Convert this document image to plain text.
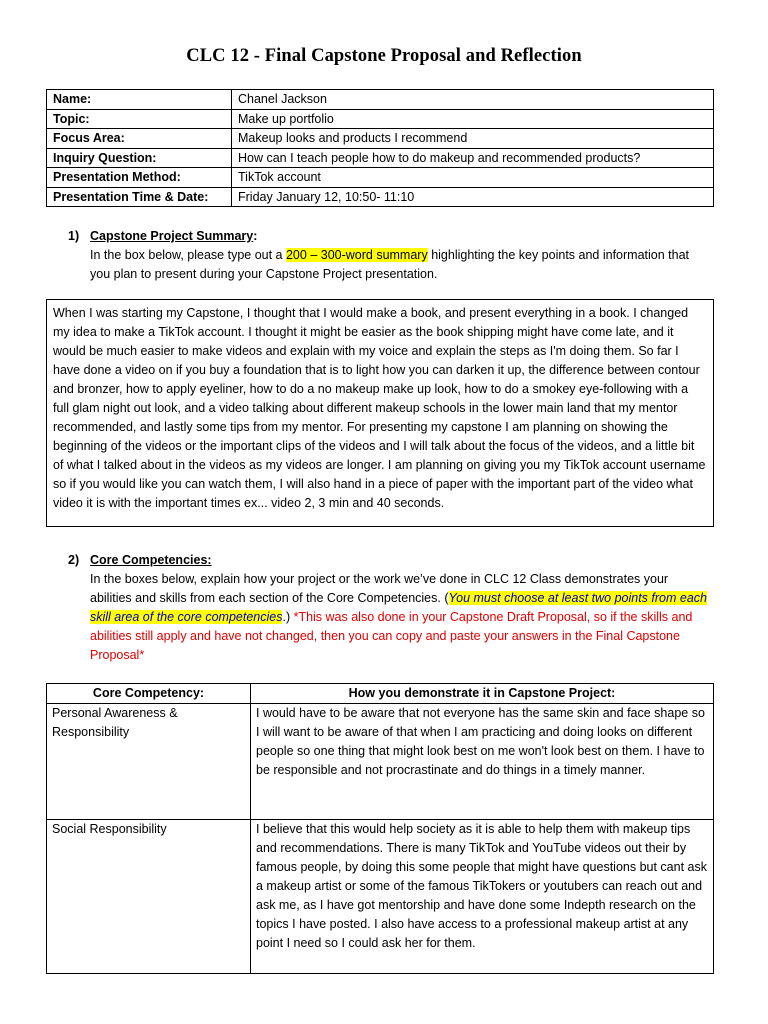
CLC 12 - Final Capstone Proposal and Reflection
Name:	Chanel Jackson
Topic:	Make up portfolio
Focus Area:	Makeup looks and products I recommend
Inquiry Question:	How can I teach people how to do makeup and recommended products?
Presentation Method:	TikTok account
Presentation Time & Date:	Friday January 12, 10:50- 11:10
1) Capstone Project Summary:
In the box below, please type out a 200 – 300-word summary highlighting the key points and information that you plan to present during your Capstone Project presentation.
When I was starting my Capstone, I thought that I would make a book, and present everything in a book. I changed my idea to make a TikTok account. I thought it might be easier as the book shipping might have come late, and it would be much easier to make videos and explain with my voice and explain the steps as I'm doing them. So far I have done a video on if you buy a foundation that is to light how you can darken it up, the difference between contour and bronzer, how to apply eyeliner, how to do a no makeup make up look, how to do a smokey eye-following with a full glam night out look, and a video talking about different makeup schools in the lower main land that my mentor recommended, and lastly some tips from my mentor. For presenting my capstone I am planning on showing the beginning of the videos or the important clips of the videos and I will talk about the focus of the videos, and a little bit of what I talked about in the videos as my videos are longer. I am planning on giving you my TikTok account username so if you would like you can watch them, I will also hand in a piece of paper with the important part of the video what video it is with the important times ex... video 2, 3 min and 40 seconds.
2) Core Competencies:
In the boxes below, explain how your project or the work we’ve done in CLC 12 Class demonstrates your abilities and skills from each section of the Core Competencies. (You must choose at least two points from each skill area of the core competencies.) *This was also done in your Capstone Draft Proposal, so if the skills and abilities still apply and have not changed, then you can copy and paste your answers in the Final Capstone Proposal*
Core Competency:	How you demonstrate it in Capstone Project:
Personal Awareness & Responsibility	I would have to be aware that not everyone has the same skin and face shape so I will want to be aware of that when I am practicing and doing looks on different people so one thing that might look best on me won't look best on them. I have to be responsible and not procrastinate and do things in a timely manner.
Social Responsibility	I believe that this would help society as it is able to help them with makeup tips and recommendations. There is many TikTok and YouTube videos out their by famous people, by doing this some people that might have questions but cant ask a makeup artist or some of the famous TikTokers or youtubers can reach out and ask me, as I have got mentorship and have done some Indepth research on the topics I have posted. I also have access to a professional makeup artist at any point I need so I could ask her for them.
